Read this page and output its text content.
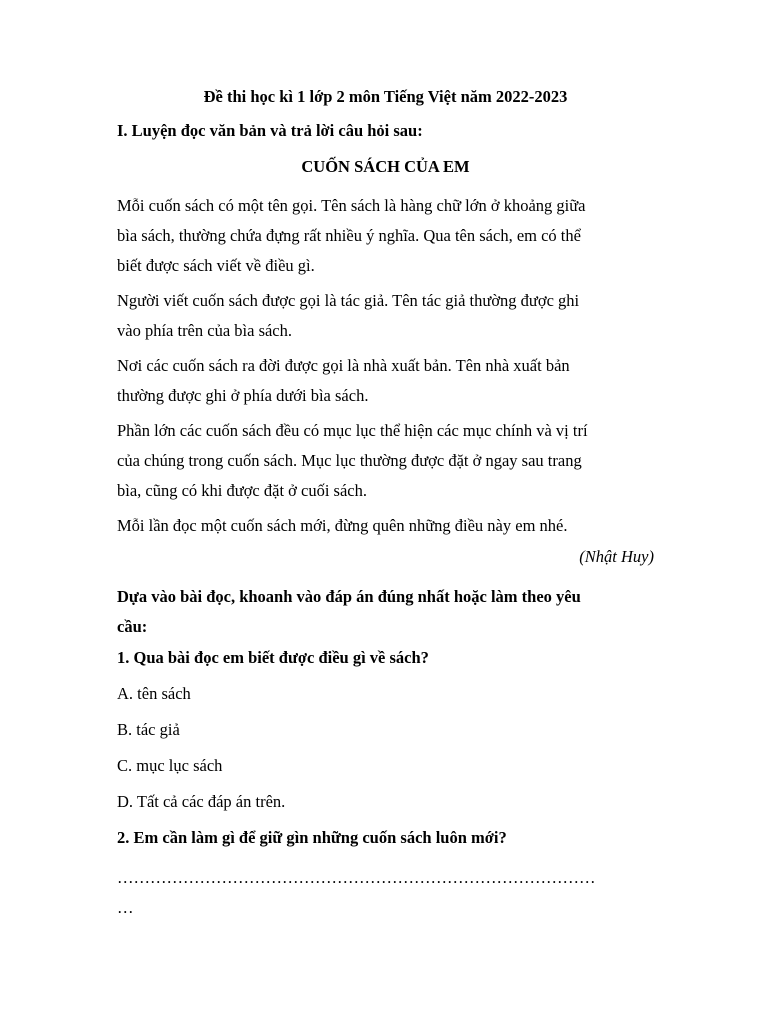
Đề thi học kì 1 lớp 2 môn Tiếng Việt năm 2022-2023
I. Luyện đọc văn bản và trả lời câu hỏi sau:
CUỐN SÁCH CỦA EM
Mỗi cuốn sách có một tên gọi. Tên sách là hàng chữ lớn ở khoảng giữa
bìa sách, thường chứa đựng rất nhiều ý nghĩa. Qua tên sách, em có thể
biết được sách viết về điều gì.
Người viết cuốn sách được gọi là tác giả. Tên tác giả thường được ghi
vào phía trên của bìa sách.
Nơi các cuốn sách ra đời được gọi là nhà xuất bản. Tên nhà xuất bản
thường được ghi ở phía dưới bìa sách.
Phần lớn các cuốn sách đều có mục lục thể hiện các mục chính và vị trí
của chúng trong cuốn sách. Mục lục thường được đặt ở ngay sau trang
bìa, cũng có khi được đặt ở cuối sách.
Mỗi lần đọc một cuốn sách mới, đừng quên những điều này em nhé.
(Nhật Huy)
Dựa vào bài đọc, khoanh vào đáp án đúng nhất hoặc làm theo yêu
cầu:
1. Qua bài đọc em biết được điều gì về sách?
A. tên sách
B. tác giả
C. mục lục sách
D. Tất cả các đáp án trên.
2. Em cần làm gì để giữ gìn những cuốn sách luôn mới?
……………………………………………………………………………
…
